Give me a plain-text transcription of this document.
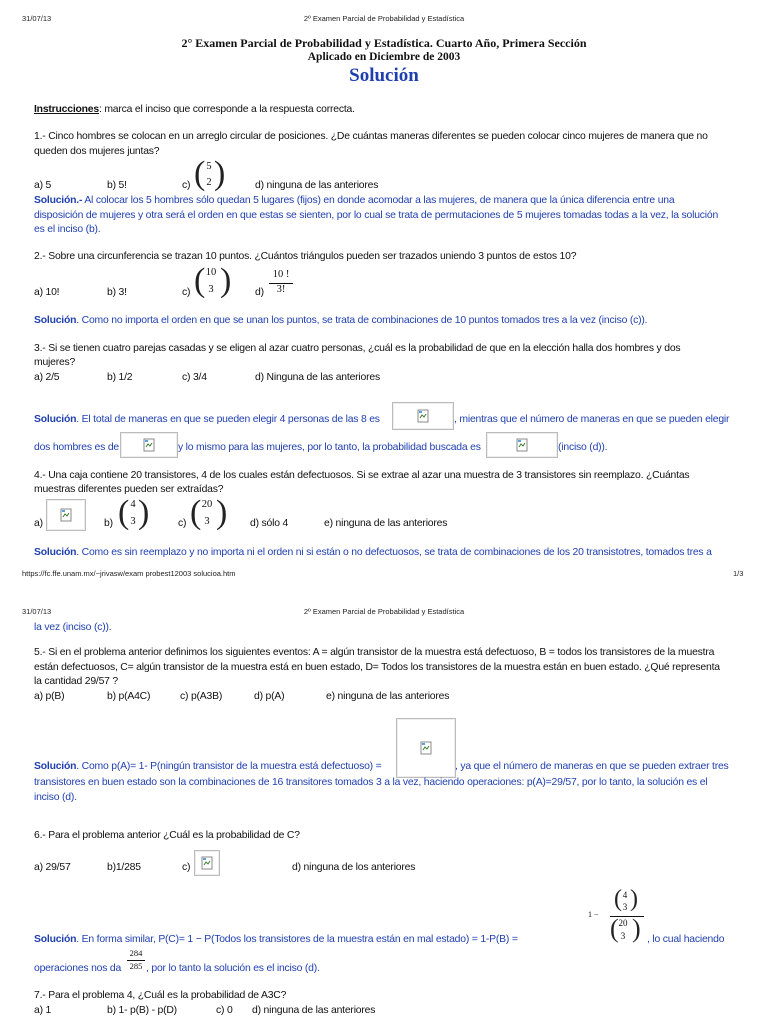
31/07/13	2º Examen Parcial de Probabilidad y Estadística
2° Examen Parcial de Probabilidad y Estadística. Cuarto Año, Primera Sección
Aplicado en Diciembre de 2003
Solución
Instrucciones: marca el inciso que corresponde a la respuesta correcta.
1.- Cinco hombres se colocan en un arreglo circular de posiciones. ¿De cuántas maneras diferentes se pueden colocar cinco mujeres de manera que no
queden dos mujeres juntas?
a) 5	b) 5!	c) ( 5
2 )	d) ninguna de las anteriores
Solución.- Al colocar los 5 hombres sólo quedan 5 lugares (fijos) en donde acomodar a las mujeres, de manera que la única diferencia entre una
disposición de mujeres y otra será el orden en que estas se sienten, por lo cual se trata de permutaciones de 5 mujeres tomadas todas a la vez, la solución
es el inciso (b).
2.- Sobre una circunferencia se trazan 10 puntos. ¿Cuántos triángulos pueden ser trazados uniendo 3 puntos de estos 10?
a) 10!	b) 3!	c) ( 10
3 ) d)
10 !
3!
Solución. Como no importa el orden en que se unan los puntos, se trata de combinaciones de 10 puntos tomados tres a la vez (inciso (c)).
3.- Si se tienen cuatro parejas casadas y se eligen al azar cuatro personas, ¿cuál es la probabilidad de que en la elección halla dos hombres y dos
mujeres?
a) 2/5	b) 1/2	c) 3/4	d) Ninguna de las anteriores
Solución. El total de maneras en que se pueden elegir 4 personas de las 8 es	, mientras que el número de maneras en que se pueden elegir
dos hombres es de	y lo mismo para las mujeres, por lo tanto, la probabilidad buscada es	(inciso (d)).
4.- Una caja contiene 20 transistores, 4 de los cuales están defectuosos. Si se extrae al azar una muestra de 3 transistores sin reemplazo. ¿Cuántas
muestras diferentes pueden ser extraídas?
a)	b) ( 4
3 )	c) ( 20
3 ) d) sólo 4	e) ninguna de las anteriores
Solución. Como es sin reemplazo y no importa ni el orden ni si están o no defectuosos, se trata de combinaciones de los 20 transistotres, tomados tres a
https://fc.ffe.unam.mx/~jrivasw/exam probest12003 solucioa.htm	1/3
31/07/13	2º Examen Parcial de Probabilidad y Estadística
la vez (inciso (c)).
5.- Si en el problema anterior definimos los siguientes eventos: A = algún transistor de la muestra está defectuoso, B = todos los transistores de la muestra
están defectuosos, C= algún transistor de la muestra está en buen estado, D= Todos los transistores de la muestra están en buen estado. ¿Qué representa
la cantidad 29/57 ?
a) p(B)	b) p(A4C)	c) p(A3B)	d) p(A)	e) ninguna de las anteriores
Solución. Como p(A)= 1- P(ningún transistor de la muestra está defectuoso) =	, ya que el número de maneras en que se pueden extraer tres
transistores en buen estado son la combinaciones de 16 transitores tomados 3 a la vez, haciendo operaciones: p(A)=29/57, por lo tanto, la solución es el
inciso (d).
6.- Para el problema anterior ¿Cuál es la probabilidad de C?
a) 29/57	b)1/285	c)	d) ninguna de los anteriores
1 −
( 4
3 )
( 20
3 )
Solución. En forma similar, P(C)= 1 − P(Todos los transistores de la muestra están en mal estado) = 1-P(B) =	, lo cual haciendo
operaciones nos da
284
285 , por lo tanto la solución es el inciso (d).
7.- Para el problema 4, ¿Cuál es la probabilidad de A3C?
a) 1	b) 1- p(B) - p(D)	c) 0 d) ninguna de las anteriores
